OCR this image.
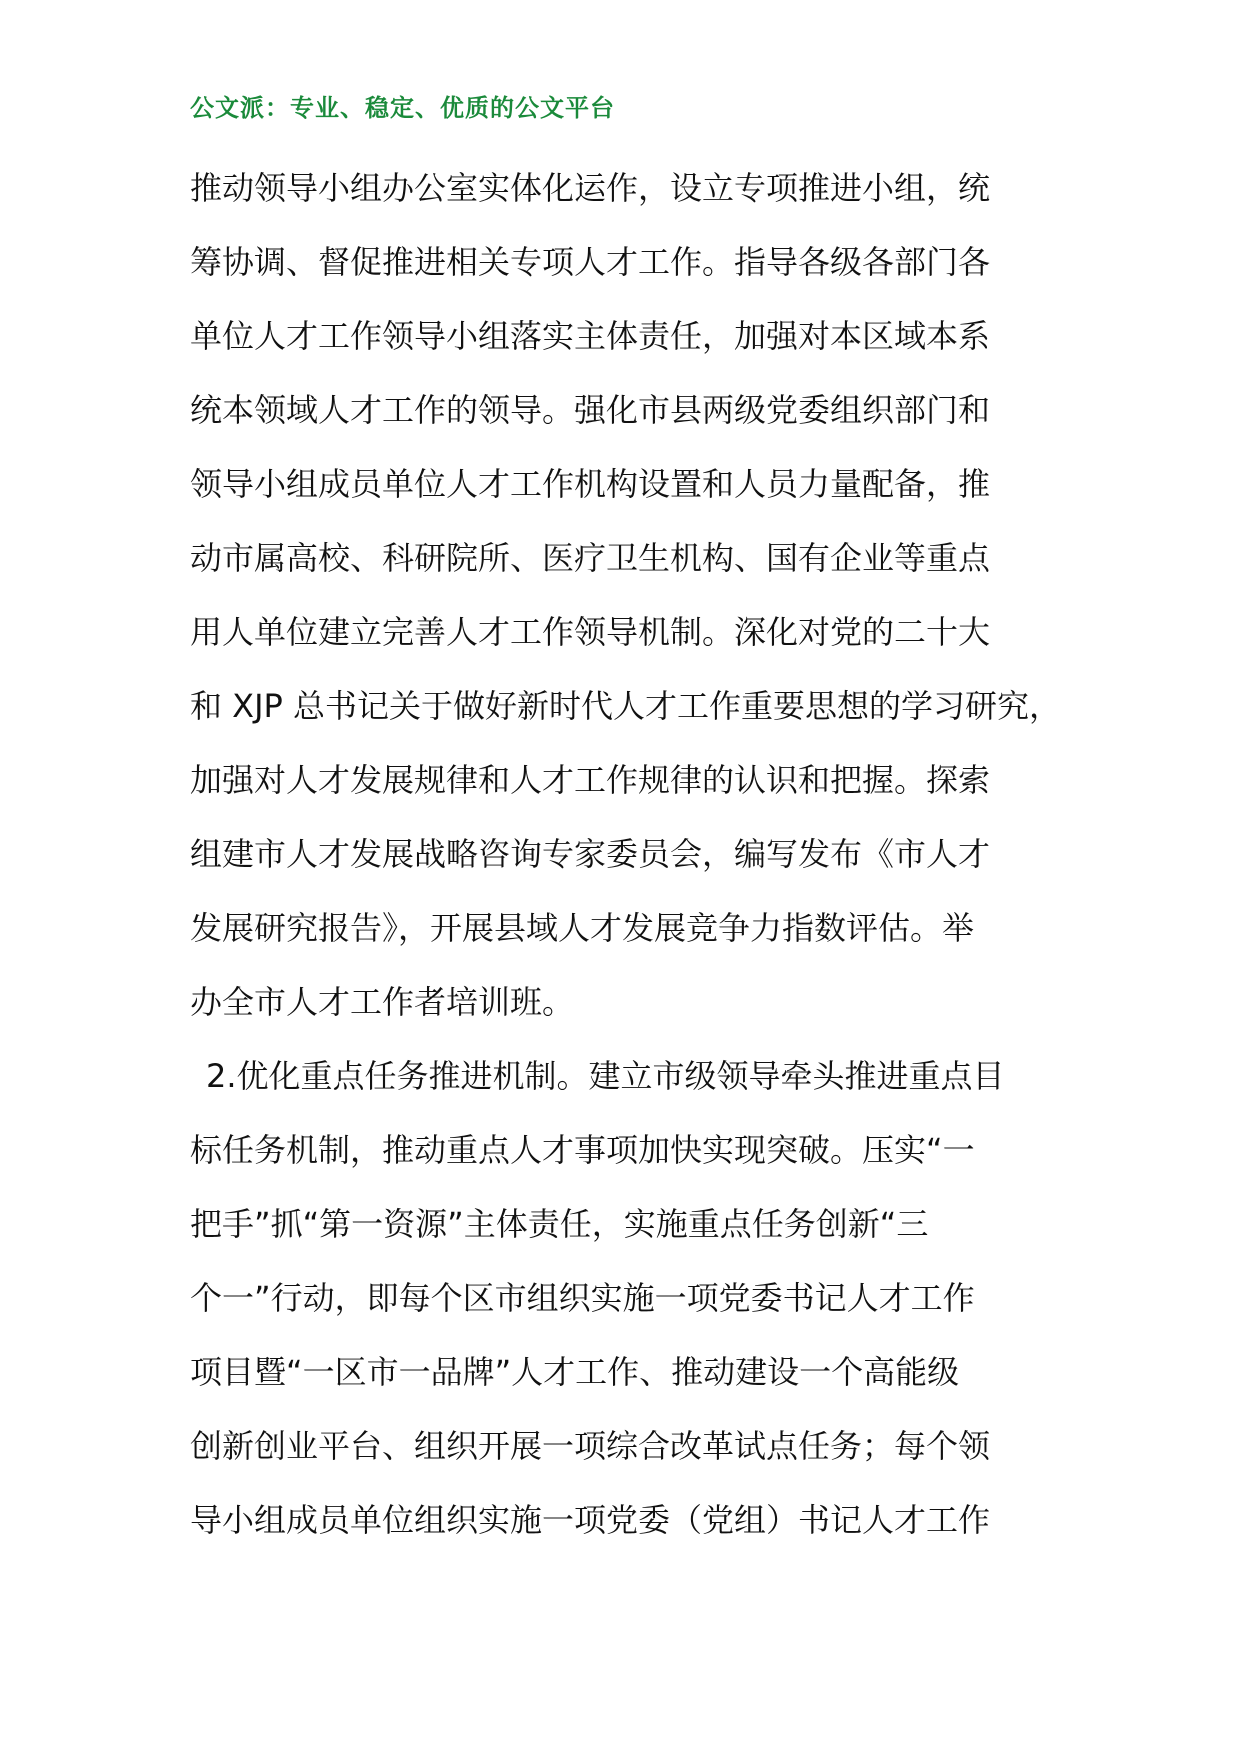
公文派：专业、稳定、优质的公文平台
推动领导小组办公室实体化运作，设立专项推进小组，统
筹协调、督促推进相关专项人才工作。指导各级各部门各
单位人才工作领导小组落实主体责任，加强对本区域本系
统本领域人才工作的领导。强化市县两级党委组织部门和
领导小组成员单位人才工作机构设置和人员力量配备，推
动市属高校、科研院所、医疗卫生机构、国有企业等重点
用人单位建立完善人才工作领导机制。深化对党的二十大
和 XJP 总书记关于做好新时代人才工作重要思想的学习研究，
加强对人才发展规律和人才工作规律的认识和把握。探索
组建市人才发展战略咨询专家委员会，编写发布《市人才
发展研究报告》，开展县域人才发展竞争力指数评估。举
办全市人才工作者培训班。
2.优化重点任务推进机制。建立市级领导牵头推进重点目
标任务机制，推动重点人才事项加快实现突破。压实“一
把手”抓“第一资源”主体责任，实施重点任务创新“三
个一”行动，即每个区市组织实施一项党委书记人才工作
项目暨“一区市一品牌”人才工作、推动建设一个高能级
创新创业平台、组织开展一项综合改革试点任务；每个领
导小组成员单位组织实施一项党委（党组）书记人才工作
